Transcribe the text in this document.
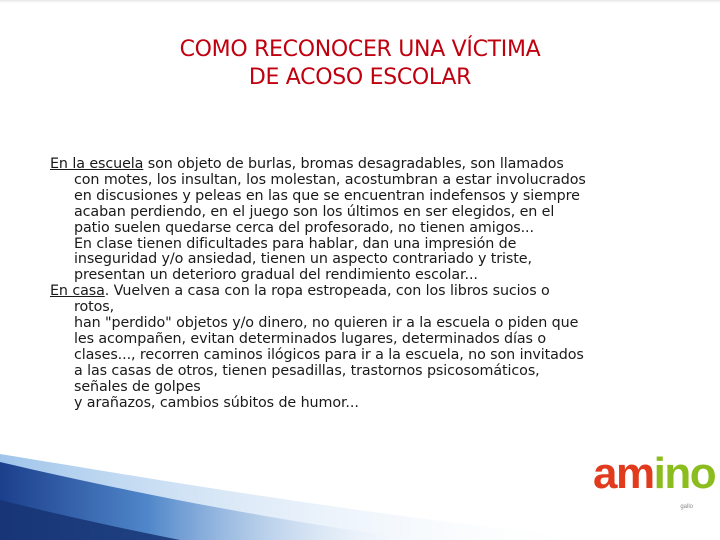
COMO RECONOCER UNA VÍCTIMA
DE ACOSO ESCOLAR
En la escuela son objeto de burlas, bromas desagradables, son llamados
con motes, los insultan, los molestan, acostumbran a estar involucrados
en discusiones y peleas en las que se encuentran indefensos y siempre
acaban perdiendo, en el juego son los últimos en ser elegidos, en el
patio suelen quedarse cerca del profesorado, no tienen amigos...
En clase tienen dificultades para hablar, dan una impresión de
inseguridad y/o ansiedad, tienen un aspecto contrariado y triste,
presentan un deterioro gradual del rendimiento escolar...
En casa. Vuelven a casa con la ropa estropeada, con los libros sucios o
rotos,
han "perdido" objetos y/o dinero, no quieren ir a la escuela o piden que
les acompañen, evitan determinados lugares, determinados días o
clases..., recorren caminos ilógicos para ir a la escuela, no son invitados
a las casas de otros, tienen pesadillas, trastornos psicosomáticos,
señales de golpes
y arañazos, cambios súbitos de humor...
amino
gallo
